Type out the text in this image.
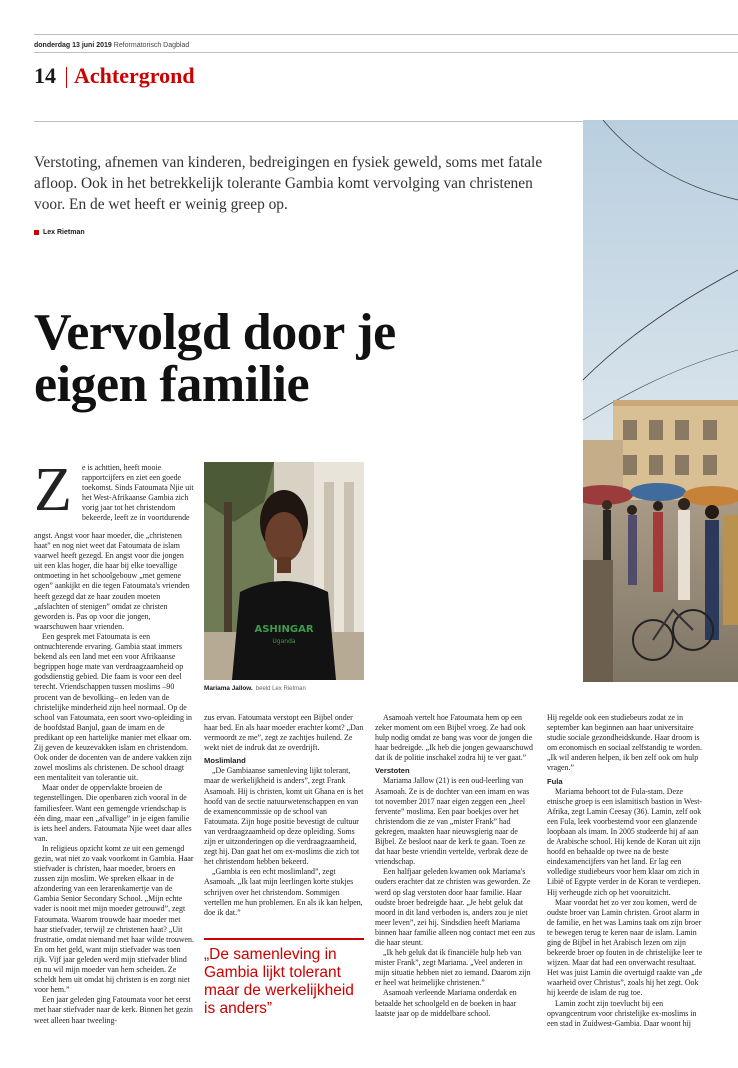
donderdag 13 juni 2019 Reformatorisch Dagblad
14 Achtergrond
Verstoting, afnemen van kinderen, bedreigingen en fysiek geweld, soms met fatale afloop. Ook in het betrekkelijk tolerante Gambia komt vervolging van christenen voor. En de wet heeft er weinig greep op.
Lex Rietman
Vervolgd door je
eigen familie
ASHINGAR
Uganda
Mariama Jallow. beeld Lex Rietman
Z e is achttien, heeft mooie rapportcijfers en ziet een goede toekomst. Sinds Fatoumata Njie uit het West-Afrikaanse Gambia zich vorig jaar tot het christendom bekeerde, leeft ze in voortdurende

angst. Angst voor haar moeder, die „christenen haat” en nog niet weet dat Fatoumata de islam vaarwel heeft gezegd. En angst voor die jongen uit een klas hoger, die haar bij elke toevallige ontmoeting in het schoolgebouw „met gemene ogen” aankijkt en die tegen Fatoumata's vrienden heeft gezegd dat ze haar zouden moeten „afslachten of stenigen” omdat ze christen geworden is. Pas op voor die jongen, waarschuwen haar vrienden.

Een gesprek met Fatoumata is een ontnuchterende ervaring. Gambia staat immers bekend als een land met een voor Afrikaanse begrippen hoge mate van verdraagzaamheid op godsdienstig gebied. Die faam is voor een deel terecht. Vriendschappen tussen moslims –90 procent van de bevolking– en leden van de christelijke minderheid zijn heel normaal. Op de school van Fatoumata, een soort vwo-opleiding in de hoofdstad Banjul, gaan de imam en de predikant op een hartelijke manier met elkaar om. Zij geven de keuzevakken islam en christendom. Ook onder de docenten van de andere vakken zijn zowel moslims als christenen. De school draagt een mentaliteit van tolerantie uit.

Maar onder de oppervlakte broeien de tegenstellingen. Die openbaren zich vooral in de familiesfeer. Want een gemengde vriendschap is één ding, maar een „afvallige” in je eigen familie is iets heel anders. Fatoumata Njie weet daar alles van.

In religieus opzicht komt ze uit een gemengd gezin, wat niet zo vaak voorkomt in Gambia. Haar stiefvader is christen, haar moeder, broers en zussen zijn moslim. We spreken elkaar in de afzondering van een lerarenkamertje van de Gambia Senior Secondary School. „Mijn echte vader is nooit met mijn moeder getrouwd”, zegt Fatoumata. Waarom trouwde haar moeder met haar stiefvader, terwijl ze christenen haat? „Uit frustratie, omdat niemand met haar wilde trouwen. En om het geld, want mijn stiefvader was toen rijk. Vijf jaar geleden werd mijn stiefvader blind en nu wil mijn moeder van hem scheiden. Ze scheldt hem uit omdat hij christen is en zorgt niet voor hem.”

Een jaar geleden ging Fatoumata voor het eerst met haar stiefvader naar de kerk. Binnen het gezin weet alleen haar tweeling-

zus ervan. Fatoumata verstopt een Bijbel onder haar bed. En als haar moeder erachter komt? „Dan vermoordt ze me”, zegt ze zachtjes huilend. Ze wekt niet de indruk dat ze overdrijft.

Moslimland

„De Gambiaanse samenleving lijkt tolerant, maar de werkelijkheid is anders”, zegt Frank Asamoah. Hij is christen, komt uit Ghana en is het hoofd van de sectie natuurwetenschappen en van de examencommissie op de school van Fatoumata. Zijn hoge positie bevestigt de cultuur van verdraagzaamheid op deze opleiding. Soms zijn er uitzonderingen op die verdraagzaamheid, zegt hij. Dan gaat het om ex-moslims die zich tot het christendom hebben bekeerd.

„Gambia is een echt moslimland”, zegt Asamoah. „Ik laat mijn leerlingen korte stukjes schrijven over het christendom. Sommigen vertellen me hun problemen. En als ik kan helpen, doe ik dat.”

„De samenleving in Gambia lijkt tolerant maar de werkelijkheid is anders”

Asamoah vertelt hoe Fatoumata hem op een zeker moment om een Bijbel vroeg. Ze had ook hulp nodig omdat ze bang was voor de jongen die haar bedreigde. „Ik heb die jongen gewaarschuwd dat ik de politie inschakel zodra hij te ver gaat.”

Verstoten

Mariama Jallow (21) is een oud-leerling van Asamoah. Ze is de dochter van een imam en was tot november 2017 naar eigen zeggen een „heel fervente” moslima. Een paar boekjes over het christendom die ze van „mister Frank” had gekregen, maakten haar nieuwsgierig naar de Bijbel. Ze besloot naar de kerk te gaan. Toen ze dat haar beste vriendin vertelde, verbrak deze de vriendschap.

Een halfjaar geleden kwamen ook Mariama's ouders erachter dat ze christen was geworden. Ze werd op slag verstoten door haar familie. Haar oudste broer bedreigde haar. „Je hebt geluk dat moord in dit land verboden is, anders zou je niet meer leven”, zei hij. Sindsdien heeft Mariama binnen haar familie alleen nog contact met een zus die haar steunt.

„Ik heb geluk dat ik financiële hulp heb van mister Frank”, zegt Mariama. „Veel anderen in mijn situatie hebben niet zo iemand. Daarom zijn er heel wat heimelijke christenen.”

Asamoah verleende Mariama onderdak en betaalde het schoolgeld en de boeken in haar laatste jaar op de middelbare school.

Hij regelde ook een studiebeurs zodat ze in september kan beginnen aan haar universitaire studie sociale gezondheidskunde. Haar droom is om economisch en sociaal zelfstandig te worden. „Ik wil anderen helpen, ik ben zelf ook om hulp vragen.”

Fula

Mariama behoort tot de Fula-stam. Deze etnische groep is een islamitisch bastion in West-Afrika, zegt Lamin Ceesay (36). Lamin, zelf ook een Fula, leek voorbestemd voor een glanzende loopbaan als imam. In 2005 studeerde hij af aan de Arabische school. Hij kende de Koran uit zijn hoofd en behaalde op twee na de beste eindexamencijfers van het land. Er lag een volledige studiebeurs voor hem klaar om zich in Libië of Egypte verder in de Koran te verdiepen. Hij verheugde zich op het vooruitzicht.

Maar voordat het zo ver zou komen, werd de oudste broer van Lamin christen. Groot alarm in de familie, en het was Lamins taak om zijn broer te bewegen terug te keren naar de islam. Lamin ging de Bijbel in het Arabisch lezen om zijn bekeerde broer op fouten in de christelijke leer te wijzen. Maar dat had een onverwacht resultaat. Het was juist Lamin die overtuigd raakte van „de waarheid over Christus”, zoals hij het zegt. Ook hij keerde de islam de rug toe.

Lamin zocht zijn toevlucht bij een opvangcentrum voor christelijke ex-moslims in een stad in Zuidwest-Gambia. Daar woont hij
